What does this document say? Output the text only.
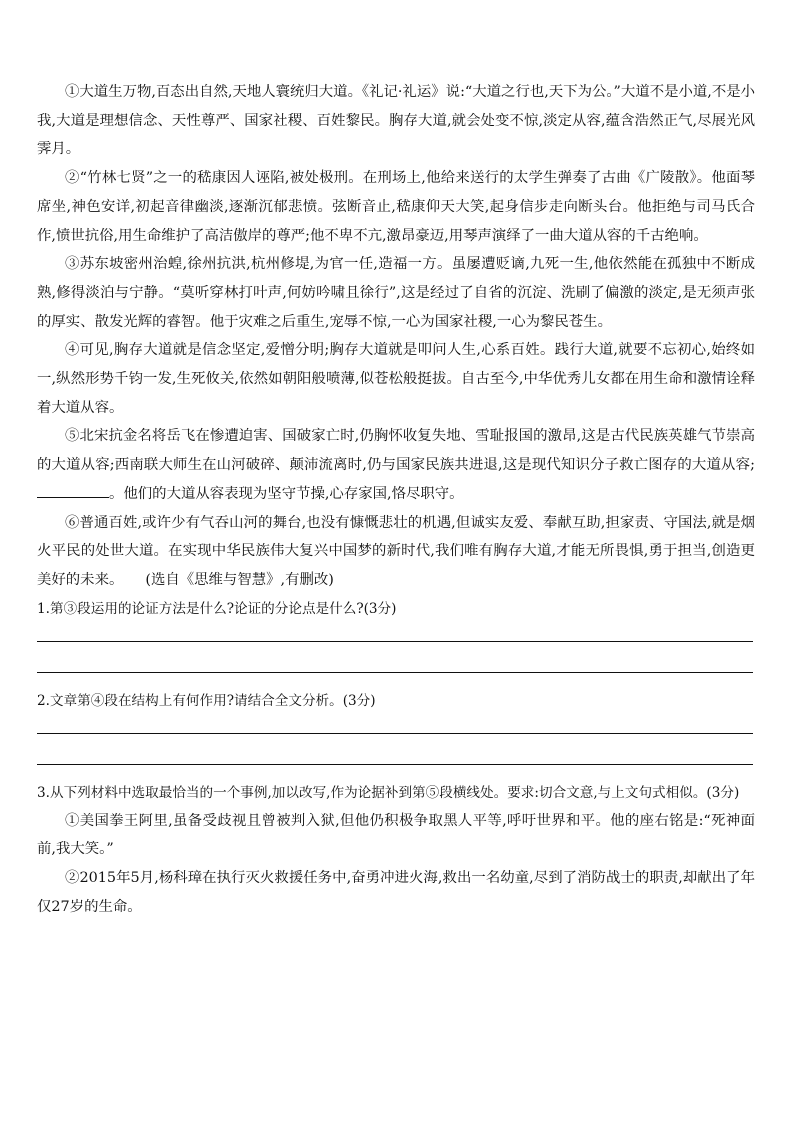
①大道生万物,百态出自然,天地人寰统归大道。《礼记·礼运》说:“大道之行也,天下为公。”大道不是小道,不是小我,大道是理想信念、天性尊严、国家社稷、百姓黎民。胸存大道,就会处变不惊,淡定从容,蕴含浩然正气,尽展光风霁月。

②“竹林七贤”之一的嵇康因人诬陷,被处极刑。在刑场上,他给来送行的太学生弹奏了古曲《广陵散》。他面琴席坐,神色安详,初起音律幽淡,逐渐沉郁悲愤。弦断音止,嵇康仰天大笑,起身信步走向断头台。他拒绝与司马氏合作,愤世抗俗,用生命维护了高洁傲岸的尊严;他不卑不亢,激昂豪迈,用琴声演绎了一曲大道从容的千古绝响。

③苏东坡密州治蝗,徐州抗洪,杭州修堤,为官一任,造福一方。虽屡遭贬谪,九死一生,他依然能在孤独中不断成熟,修得淡泊与宁静。“莫听穿林打叶声,何妨吟啸且徐行”,这是经过了自省的沉淀、洗刷了偏激的淡定,是无须声张的厚实、散发光辉的睿智。他于灾难之后重生,宠辱不惊,一心为国家社稷,一心为黎民苍生。

④可见,胸存大道就是信念坚定,爱憎分明;胸存大道就是叩问人生,心系百姓。践行大道,就要不忘初心,始终如一,纵然形势千钧一发,生死攸关,依然如朝阳般喷薄,似苍松般挺拔。自古至今,中华优秀儿女都在用生命和激情诠释着大道从容。

⑤北宋抗金名将岳飞在惨遭迫害、国破家亡时,仍胸怀收复失地、雪耻报国的激昂,这是古代民族英雄气节崇高的大道从容;西南联大师生在山河破碎、颠沛流离时,仍与国家民族共进退,这是现代知识分子救亡图存的大道从容;。他们的大道从容表现为坚守节操,心存家国,恪尽职守。

⑥普通百姓,或许少有气吞山河的舞台,也没有慷慨悲壮的机遇,但诚实友爱、奉献互助,担家责、守国法,就是烟火平民的处世大道。在实现中华民族伟大复兴中国梦的新时代,我们唯有胸存大道,才能无所畏惧,勇于担当,创造更美好的未来。 (选自《思维与智慧》,有删改)

1.第③段运用的论证方法是什么?论证的分论点是什么?(3分)

2.文章第④段在结构上有何作用?请结合全文分析。(3分)

3.从下列材料中选取最恰当的一个事例,加以改写,作为论据补到第⑤段横线处。要求:切合文意,与上文句式相似。(3分)

①美国拳王阿里,虽备受歧视且曾被判入狱,但他仍积极争取黑人平等,呼吁世界和平。他的座右铭是:“死神面前,我大笑。”

②2015年5月,杨科璋在执行灭火救援任务中,奋勇冲进火海,救出一名幼童,尽到了消防战士的职责,却献出了年仅27岁的生命。
